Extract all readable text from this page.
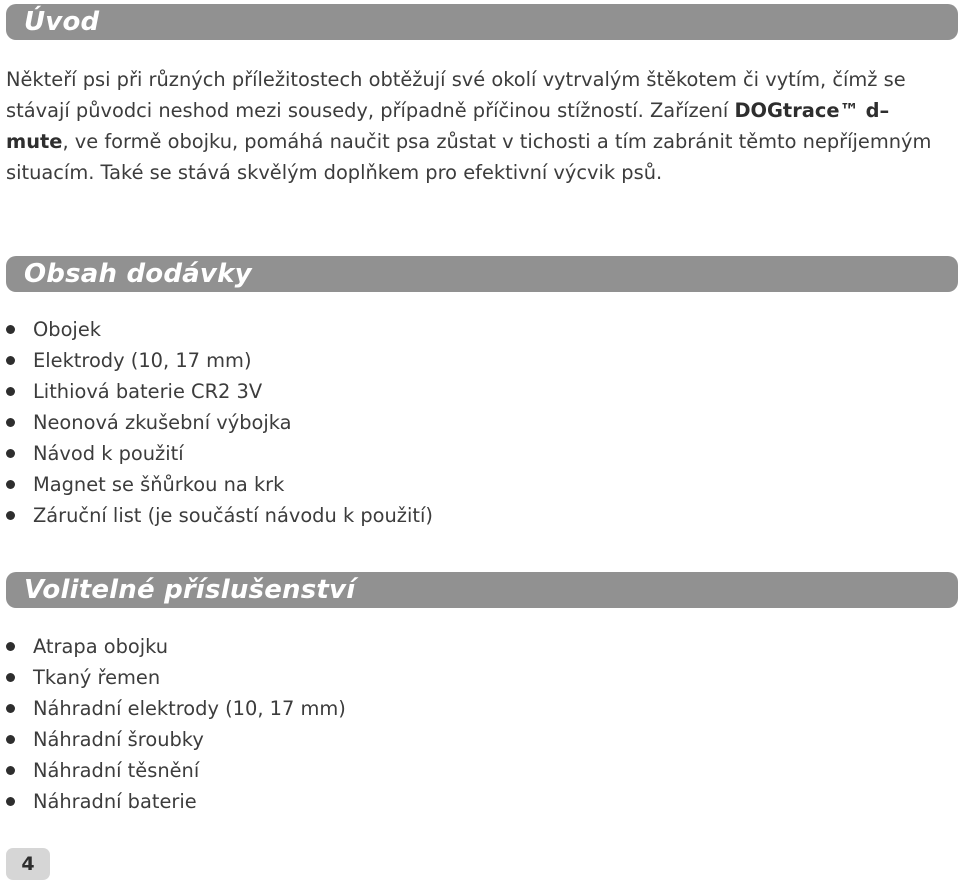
Úvod

Někteří psi při různých příležitostech obtěžují své okolí vytrvalým štěkotem či vytím, čímž se stávají původci neshod mezi sousedy, případně příčinou stížností. Zařízení DOGtrace™ d–mute, ve formě obojku, pomáhá naučit psa zůstat v tichosti a tím zabránit těmto nepříjemným situacím. Také se stává skvělým doplňkem pro efektivní výcvik psů.

Obsah dodávky
Obojek
Elektrody (10, 17 mm)
Lithiová baterie CR2 3V
Neonová zkušební výbojka
Návod k použití
Magnet se šňůrkou na krk
Záruční list (je součástí návodu k použití)
Volitelné příslušenství
Atrapa obojku
Tkaný řemen
Náhradní elektrody (10, 17 mm)
Náhradní šroubky
Náhradní těsnění
Náhradní baterie
4
